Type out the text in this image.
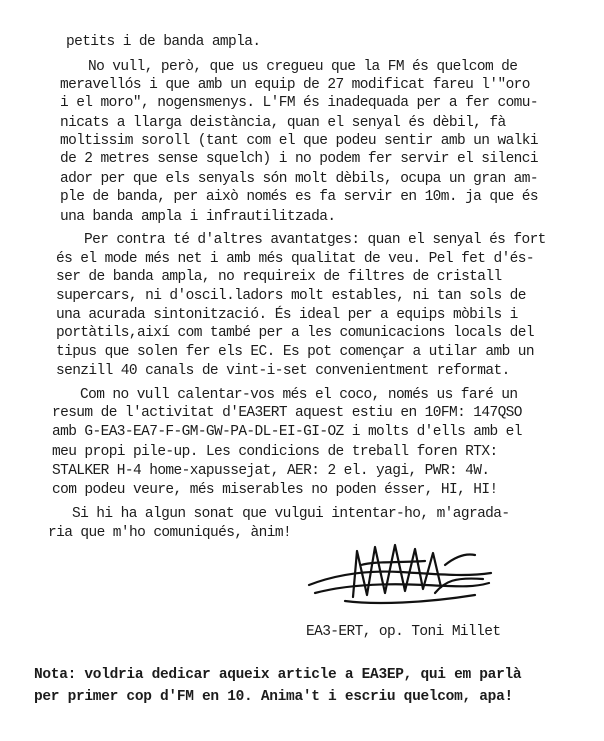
petits i de banda ampla.
No vull, però, que us cregueu que la FM és quelcom de
meravellós i que amb un equip de 27 modificat fareu l'"oro
i el moro", nogensmenys. L'FM és inadequada per a fer comu-
nicats a llarga deistància, quan el senyal és dèbil, fà
moltissim soroll (tant com el que podeu sentir amb un walki
de 2 metres sense squelch) i no podem fer servir el silenci
ador per que els senyals són molt dèbils, ocupa un gran am-
ple de banda, per això només es fa servir en 10m. ja que és
una banda ampla i infrautilitzada.
Per contra té d'altres avantatges: quan el senyal és fort
és el mode més net i amb més qualitat de veu. Pel fet d'és-
ser de banda ampla, no requireix de filtres de cristall
supercars, ni d'oscil.ladors molt estables, ni tan sols de
una acurada sintonització. És ideal per a equips mòbils i
portàtils,així com també per a les comunicacions locals del
tipus que solen fer els EC. Es pot començar a utilar amb un
senzill 40 canals de vint-i-set convenientment reformat.
Com no vull calentar-vos més el coco, només us faré un
resum de l'activitat d'EA3ERT aquest estiu en 10FM: 147QSO
amb G-EA3-EA7-F-GM-GW-PA-DL-EI-GI-OZ i molts d'ells amb el
meu propi pile-up. Les condicions de treball foren RTX:
STALKER H-4 home-xapussejat, AER: 2 el. yagi, PWR: 4W.
com podeu veure, més miserables no poden ésser, HI, HI!
Si hi ha algun sonat que vulgui intentar-ho, m'agrada-
ria que m'ho comuniqués, ànim!
EA3-ERT, op. Toni Millet
Nota: voldria dedicar aqueix article a EA3EP, qui em parlà
per primer cop d'FM en 10. Anima't i escriu quelcom, apa!
